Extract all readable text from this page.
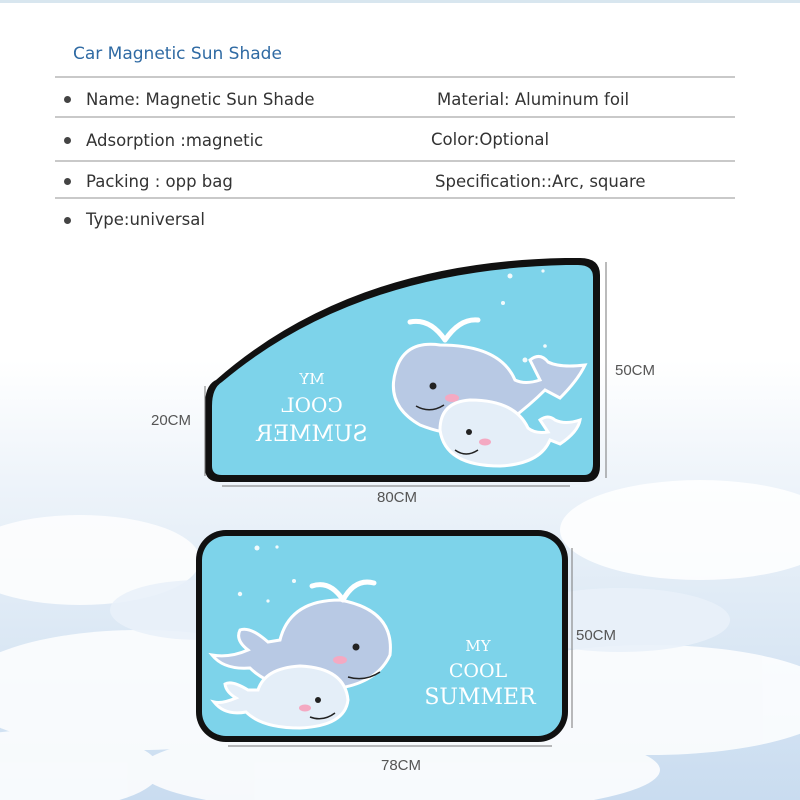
Car Magnetic Sun Shade
Name: Magnetic Sun Shade	Material: Aluminum foil
Adsorption :magnetic	Color:Optional
Packing : opp bag	Specification::Arc, square
Type:universal
MY
COOL
SUMMER
MY
COOL
SUMMER
20CM
50CM
80CM
50CM
78CM
